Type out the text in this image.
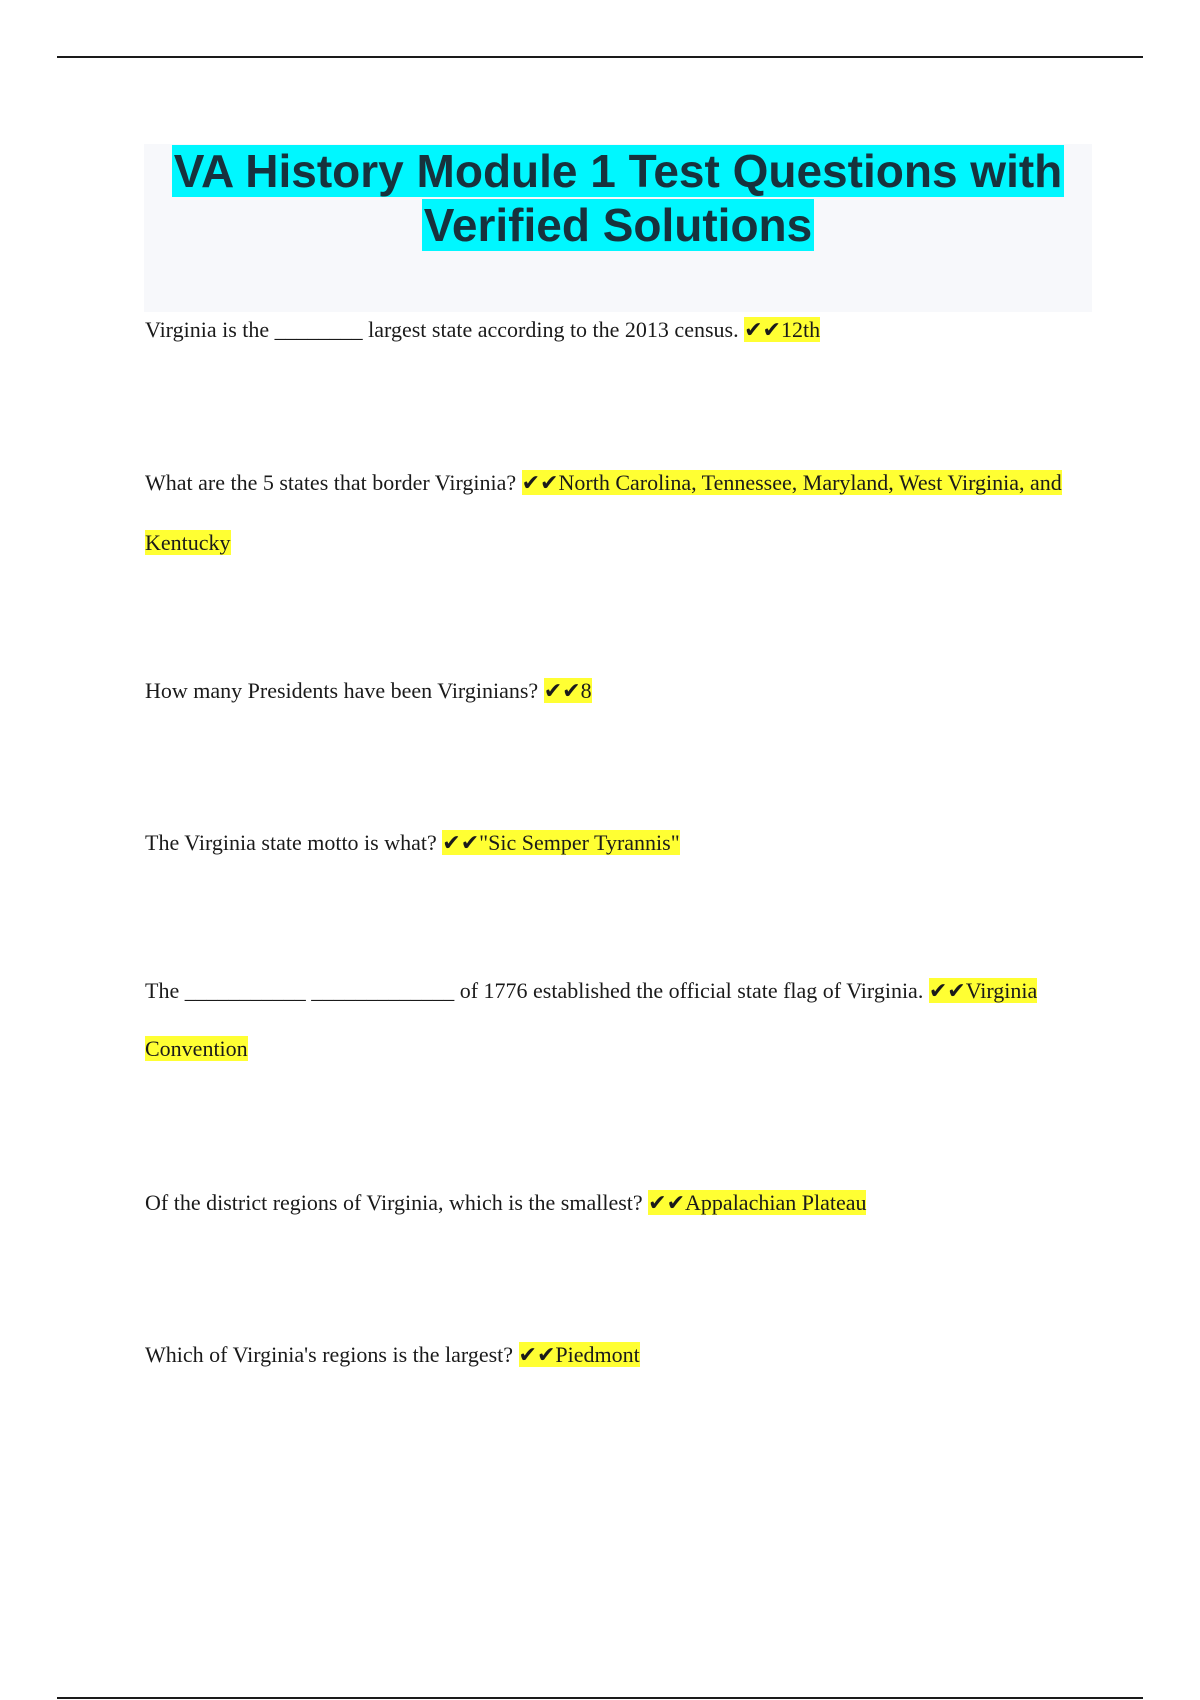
VA History Module 1 Test Questions with Verified Solutions

Virginia is the ________ largest state according to the 2013 census. ✔✔12th

What are the 5 states that border Virginia? ✔✔North Carolina, Tennessee, Maryland, West Virginia, and Kentucky

How many Presidents have been Virginians? ✔✔8

The Virginia state motto is what? ✔✔"Sic Semper Tyrannis"

The ___________ _____________ of 1776 established the official state flag of Virginia. ✔✔Virginia Convention

Of the district regions of Virginia, which is the smallest? ✔✔Appalachian Plateau

Which of Virginia's regions is the largest? ✔✔Piedmont
